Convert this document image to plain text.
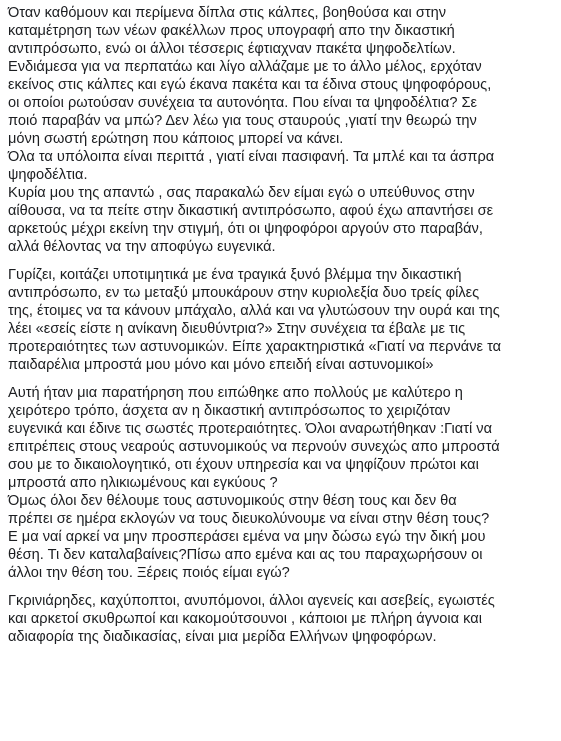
Όταν καθόμουν και περίμενα δίπλα στις κάλπες, βοηθούσα και στην
καταμέτρηση των νέων φακέλλων προς υπογραφή απο την δικαστική
αντιπρόσωπο, ενώ οι άλλοι τέσσερις έφτιαχναν πακέτα ψηφοδελτίων.
Ενδιάμεσα για να περπατάω και λίγο αλλάζαμε με το άλλο μέλος, ερχόταν
εκείνος στις κάλπες και εγώ έκανα πακέτα και τα έδινα στους ψηφοφόρους,
οι οποίοι ρωτούσαν συνέχεια τα αυτονόητα. Που είναι τα ψηφοδέλτια? Σε
ποιό παραβάν να μπώ? Δεν λέω για τους σταυρούς ,γιατί την θεωρώ την
μόνη σωστή ερώτηση που κάποιος μπορεί να κάνει.
Όλα τα υπόλοιπα είναι περιττά , γιατί είναι πασιφανή. Τα μπλέ και τα άσπρα
ψηφοδέλτια.
Κυρία μου της απαντώ , σας παρακαλώ δεν είμαι εγώ ο υπεύθυνος στην
αίθουσα, να τα πείτε στην δικαστική αντιπρόσωπο, αφού έχω απαντήσει σε
αρκετούς μέχρι εκείνη την στιγμή, ότι οι ψηφοφόροι αργούν στο παραβάν,
αλλά θέλοντας να την αποφύγω ευγενικά.

Γυρίζει, κοιτάζει υποτιμητικά με ένα τραγικά ξυνό βλέμμα την δικαστική
αντιπρόσωπο, εν τω μεταξύ μπουκάρουν στην κυριολεξία δυο τρείς φίλες
της, έτοιμες να τα κάνουν μπάχαλο, αλλά και να γλυτώσουν την ουρά και της
λέει «εσείς είστε η ανίκανη διευθύντρια?» Στην συνέχεια τα έβαλε με τις
προτεραιότητες των αστυνομικών. Είπε χαρακτηριστικά «Γιατί να περνάνε τα
παιδαρέλια μπροστά μου μόνο και μόνο επειδή είναι αστυνομικοί»

Αυτή ήταν μια παρατήρηση που ειπώθηκε απο πολλούς με καλύτερο η
χειρότερο τρόπο, άσχετα αν η δικαστική αντιπρόσωπος το χειριζόταν
ευγενικά και έδινε τις σωστές προτεραιότητες. Όλοι αναρωτήθηκαν :Γιατί να
επιτρέπεις στους νεαρούς αστυνομικούς να περνούν συνεχώς απο μπροστά
σου με το δικαιολογητικό, οτι έχουν υπηρεσία και να ψηφίζουν πρώτοι και
μπροστά απο ηλικιωμένους και εγκύους ?
Όμως όλοι δεν θέλουμε τους αστυνομικούς στην θέση τους και δεν θα
πρέπει σε ημέρα εκλογών να τους διευκολύνουμε να είναι στην θέση τους?
Ε μα ναί αρκεί να μην προσπεράσει εμένα να μην δώσω εγώ την δική μου
θέση. Τι δεν καταλαβαίνεις?Πίσω απο εμένα και ας του παραχωρήσουν οι
άλλοι την θέση του. Ξέρεις ποιός είμαι εγώ?

Γκρινιάρηδες, καχύποπτοι, ανυπόμονοι, άλλοι αγενείς και ασεβείς, εγωιστές
και αρκετοί σκυθρωποί και κακομούτσουνοι , κάποιοι με πλήρη άγνοια και
αδιαφορία της διαδικασίας, είναι μια μερίδα Ελλήνων ψηφοφόρων.
